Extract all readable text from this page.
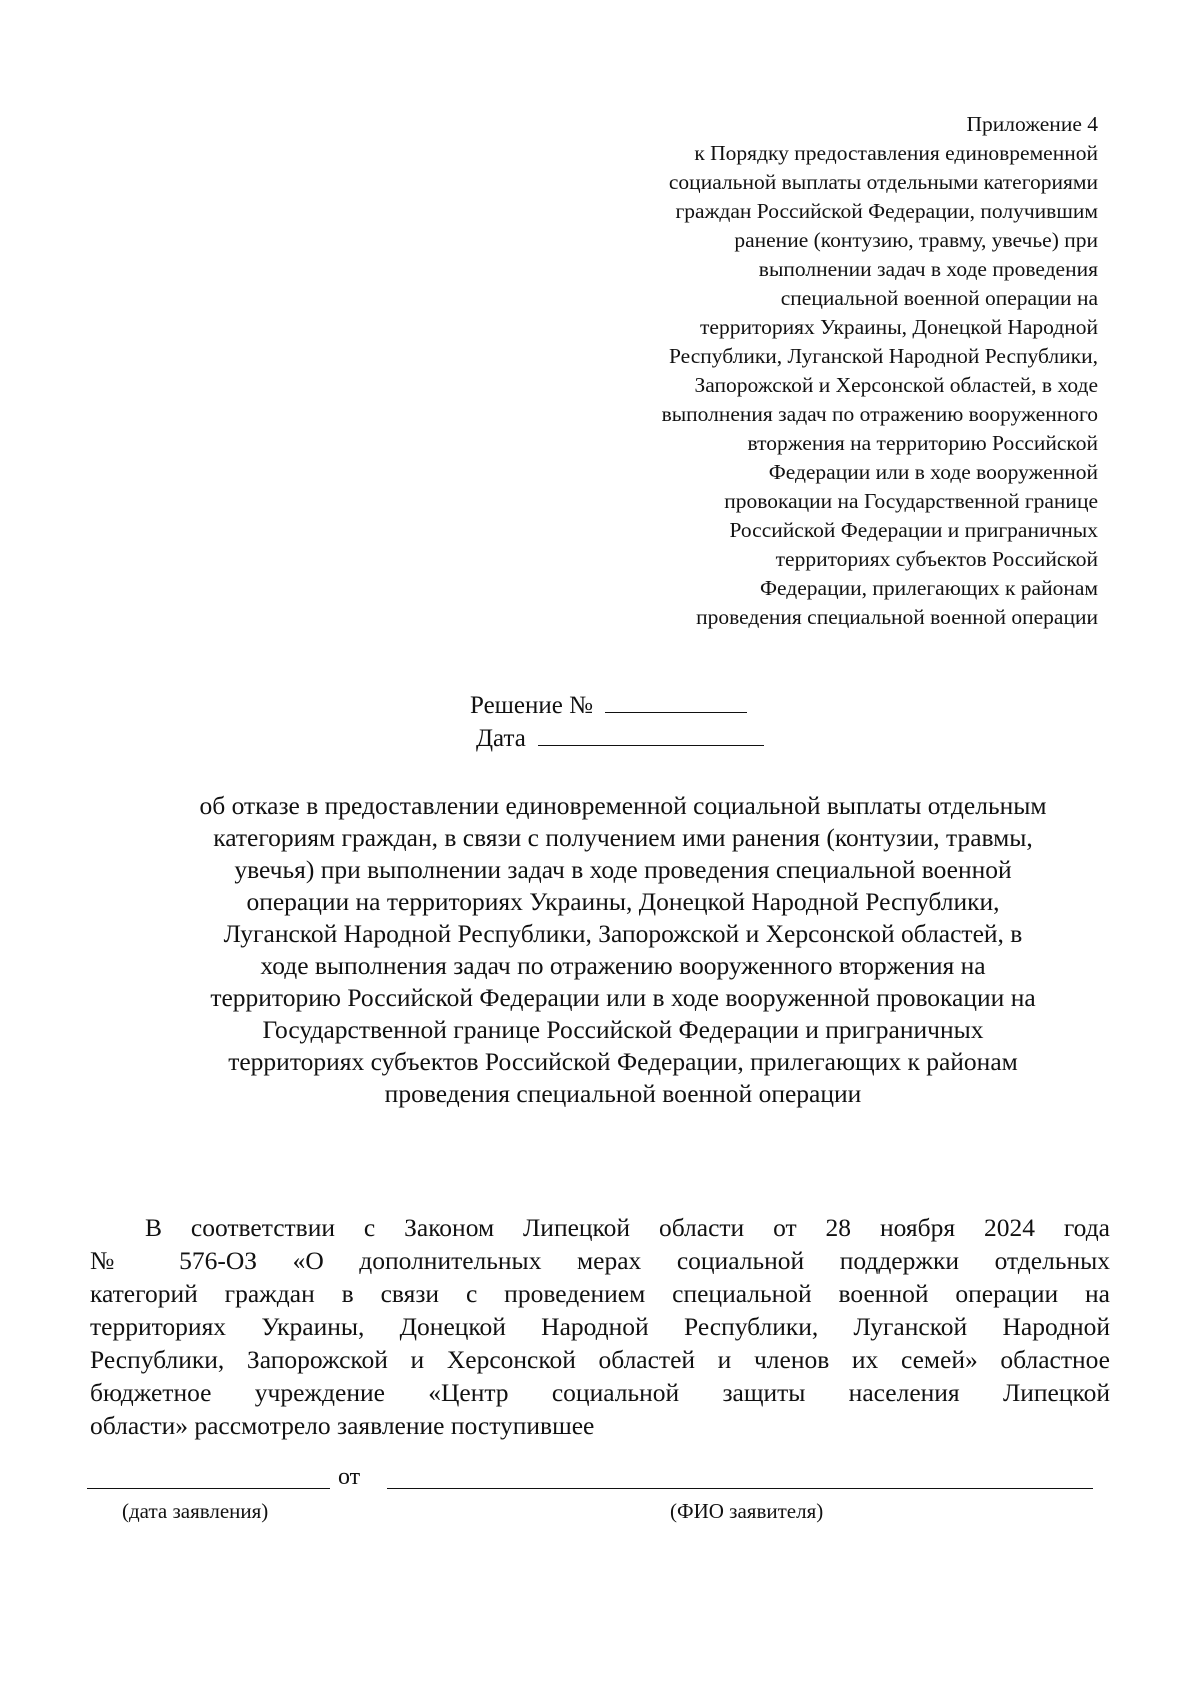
Приложение 4

к Порядку предоставления единовременной

социальной выплаты отдельными категориями

граждан Российской Федерации, получившим

ранение (контузию, травму, увечье) при

выполнении задач в ходе проведения

специальной военной операции на

территориях Украины, Донецкой Народной

Республики, Луганской Народной Республики,

Запорожской и Херсонской областей, в ходе

выполнения задач по отражению вооруженного

вторжения на территорию Российской

Федерации или в ходе вооруженной

провокации на Государственной границе

Российской Федерации и приграничных

территориях субъектов Российской

Федерации, прилегающих к районам

проведения специальной военной операции

Решение №
Дата

об отказе в предоставлении единовременной социальной выплаты отдельным

категориям граждан, в связи с получением ими ранения (контузии, травмы,

увечья) при выполнении задач в ходе проведения специальной военной

операции на территориях Украины, Донецкой Народной Республики,

Луганской Народной Республики, Запорожской и Херсонской областей, в

ходе выполнения задач по отражению вооруженного вторжения на

территорию Российской Федерации или в ходе вооруженной провокации на

Государственной границе Российской Федерации и приграничных

территориях субъектов Российской Федерации, прилегающих к районам

проведения специальной военной операции

В соответствии с Законом Липецкой области от 28 ноября 2024 года

№ 576-ОЗ «О дополнительных мерах социальной поддержки отдельных

категорий граждан в связи с проведением специальной военной операции на

территориях Украины, Донецкой Народной Республики, Луганской Народной

Республики, Запорожской и Херсонской областей и членов их семей» областное

бюджетное учреждение «Центр социальной защиты населения Липецкой

области» рассмотрело заявление поступившее

от
(дата заявления)	(ФИО заявителя)
